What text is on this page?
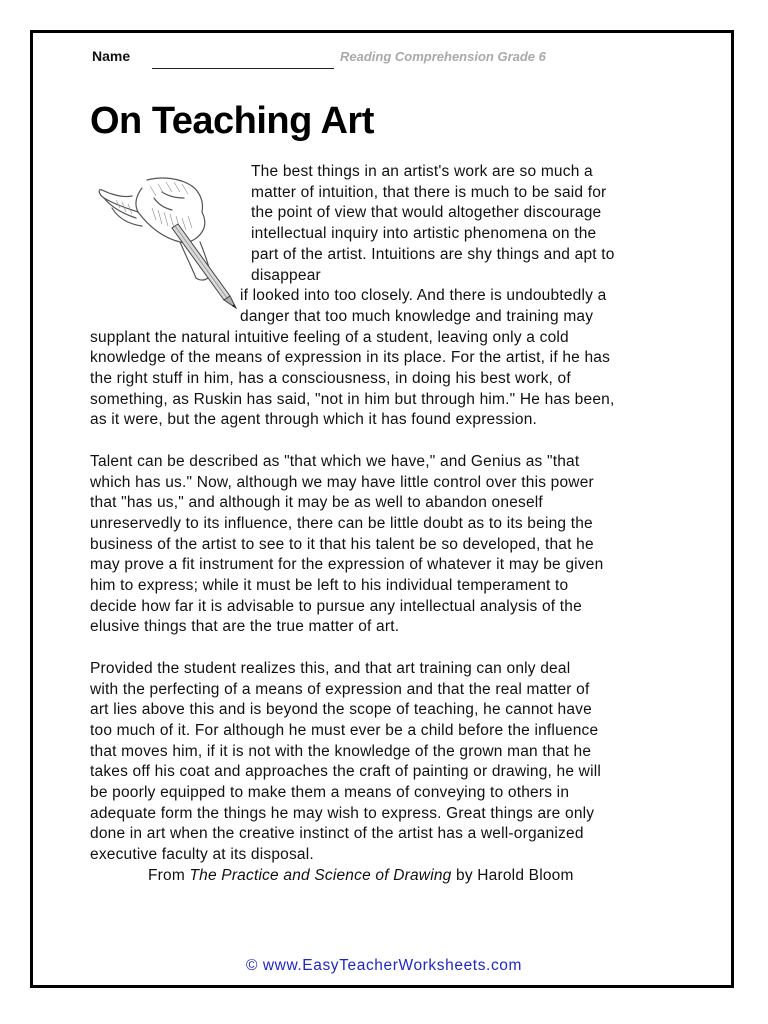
Name	Reading Comprehension Grade 6
On Teaching Art
The best things in an artist's work are so much a
matter of intuition, that there is much to be said for
the point of view that would altogether discourage
intellectual inquiry into artistic phenomena on the
part of the artist. Intuitions are shy things and apt to
disappear
if looked into too closely. And there is undoubtedly a
danger that too much knowledge and training may
supplant the natural intuitive feeling of a student, leaving only a cold
knowledge of the means of expression in its place. For the artist, if he has
the right stuff in him, has a consciousness, in doing his best work, of
something, as Ruskin has said, "not in him but through him." He has been,
as it were, but the agent through which it has found expression.
Talent can be described as "that which we have," and Genius as "that
which has us." Now, although we may have little control over this power
that "has us," and although it may be as well to abandon oneself
unreservedly to its influence, there can be little doubt as to its being the
business of the artist to see to it that his talent be so developed, that he
may prove a fit instrument for the expression of whatever it may be given
him to express; while it must be left to his individual temperament to
decide how far it is advisable to pursue any intellectual analysis of the
elusive things that are the true matter of art.
Provided the student realizes this, and that art training can only deal
with the perfecting of a means of expression and that the real matter of
art lies above this and is beyond the scope of teaching, he cannot have
too much of it. For although he must ever be a child before the influence
that moves him, if it is not with the knowledge of the grown man that he
takes off his coat and approaches the craft of painting or drawing, he will
be poorly equipped to make them a means of conveying to others in
adequate form the things he may wish to express. Great things are only
done in art when the creative instinct of the artist has a well-organized
executive faculty at its disposal.
From The Practice and Science of Drawing by Harold Bloom
© www.EasyTeacherWorksheets.com
